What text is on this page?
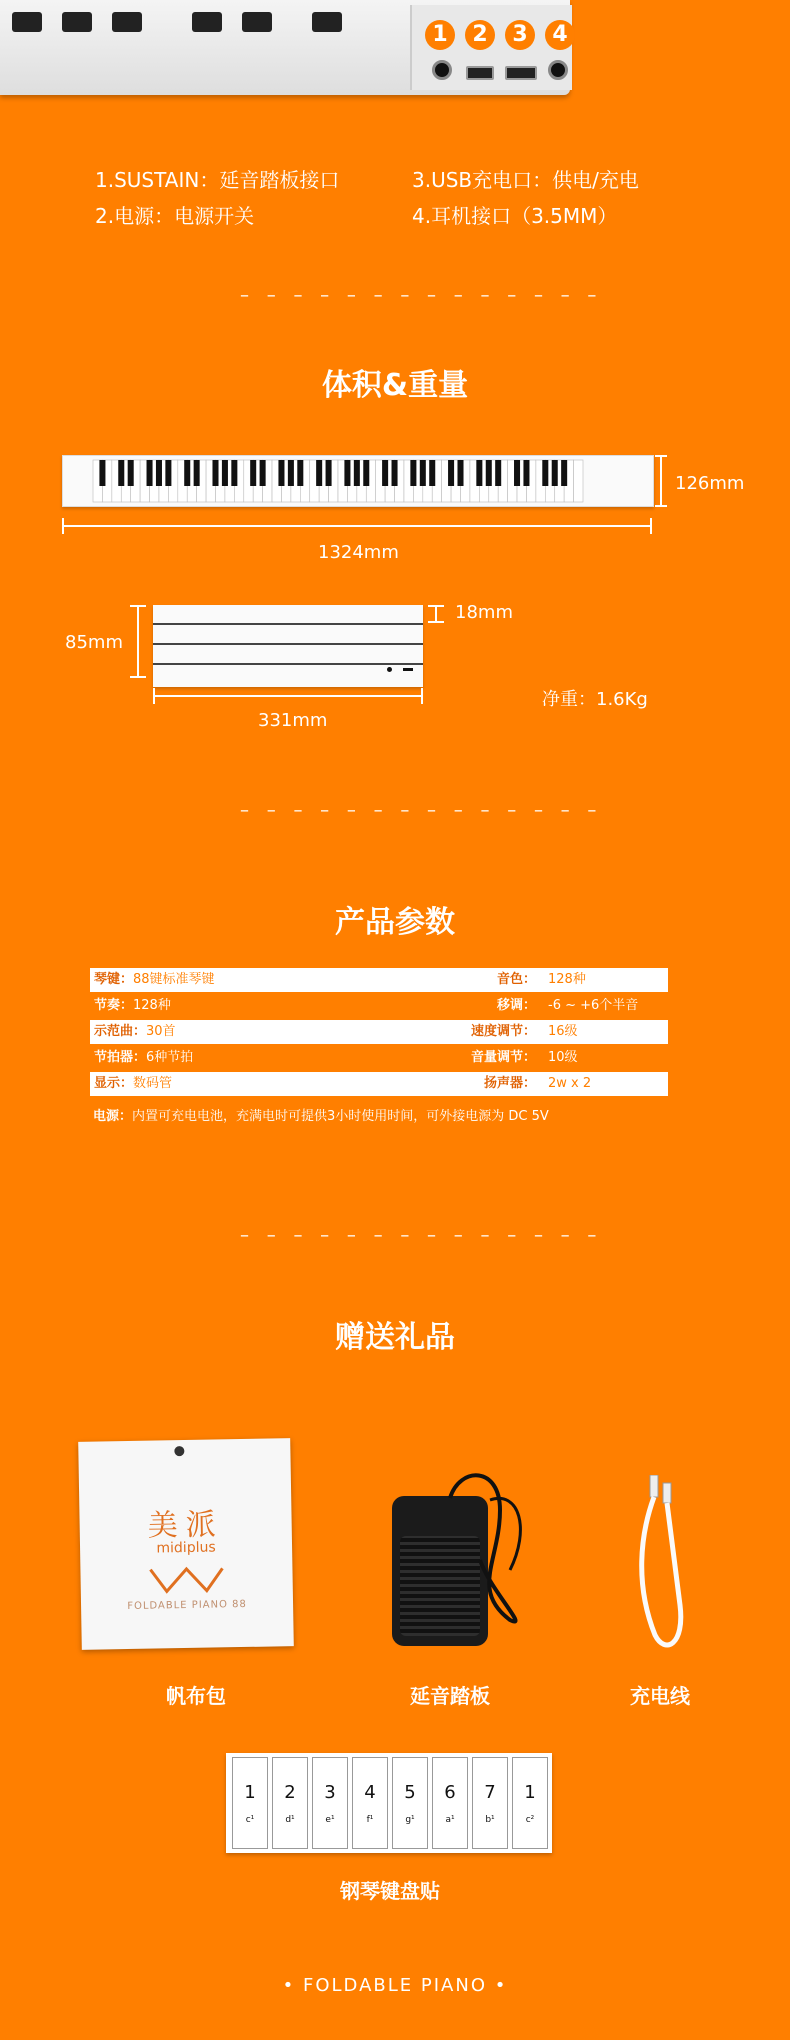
1	2	3	4
1.SUSTAIN：延音踏板接口	3.USB充电口：供电/充电
2.电源：电源开关	4.耳机接口（3.5MM）
– – – – – – – – – – – – – –
体积&重量
126mm
1324mm
18mm
85mm
331mm
净重：1.6Kg
– – – – – – – – – – – – – –
产品参数
琴键： 88键标准琴键	音色： 128种
节奏： 128种	移调： -6 ~ +6个半音
示范曲： 30首	速度调节： 16级
节拍器： 6种节拍	音量调节： 10级
显示： 数码管	扬声器： 2w x 2
电源：内置可充电电池，充满电时可提供3小时使用时间，可外接电源为 DC 5V
– – – – – – – – – – – – – –
赠送礼品
美派
midiplus
FOLDABLE PIANO 88
帆布包	延音踏板	充电线
1
c¹
2
d¹
3
e¹
4
f¹
5
g¹
6
a¹
7
b¹
1
c²
钢琴键盘贴
• FOLDABLE PIANO •
